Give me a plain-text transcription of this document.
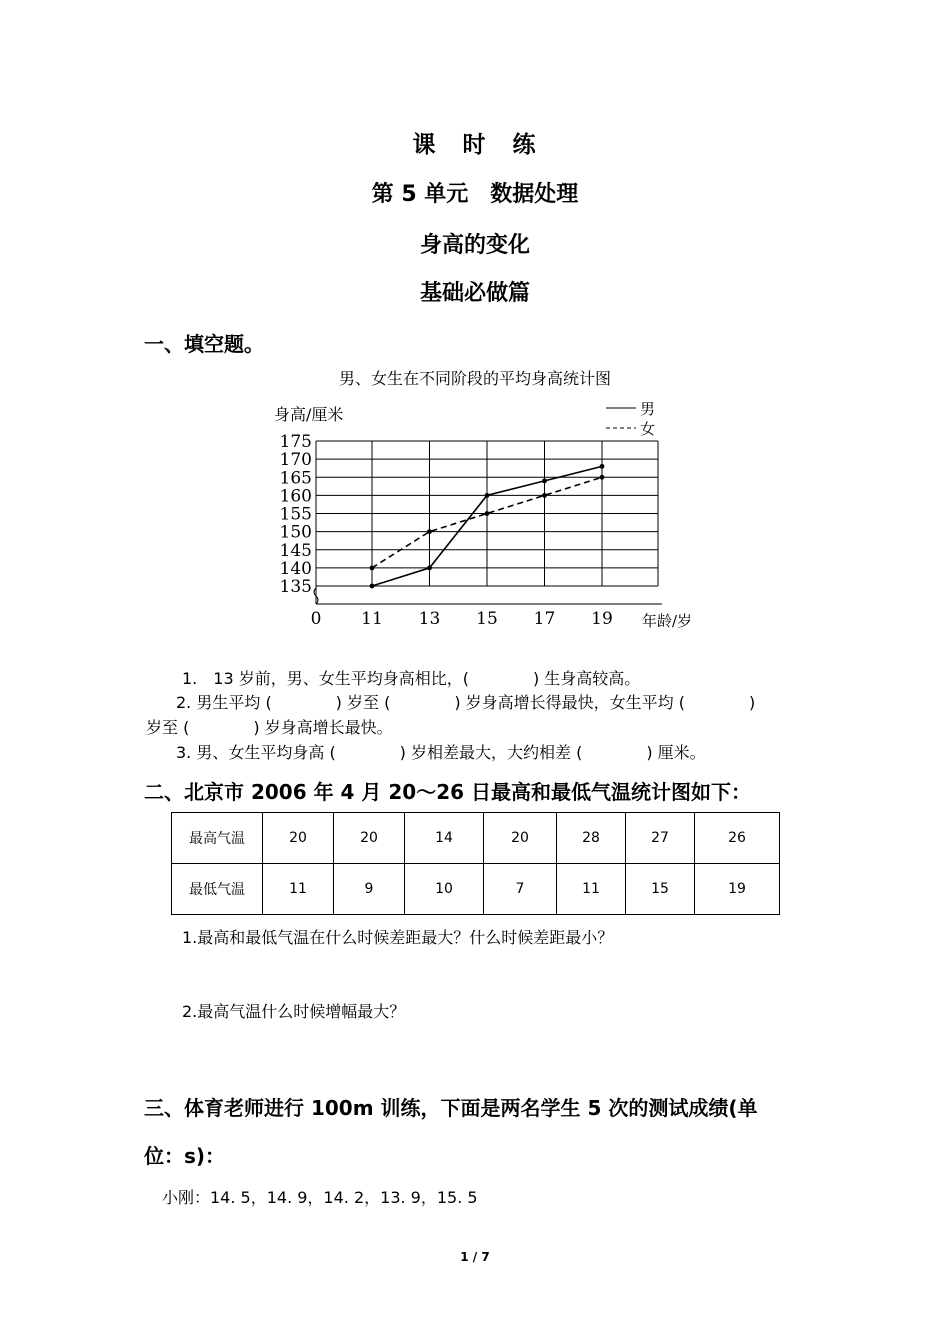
课　时　练
第 5 单元　数据处理
身高的变化
基础必做篇
一、填空题。
男、女生在不同阶段的平均身高统计图
135
140
145
150
155
160
165
170
175
0 11 13 15 17 19
身高/厘米
年龄/岁
男
女
1.　13 岁前，男、女生平均身高相比，(　　　　) 生身高较高。
2. 男生平均 (　　　　) 岁至 (　　　　) 岁身高增长得最快，女生平均 (　　　　)
岁至 (　　　　) 岁身高增长最快。
3. 男、女生平均身高 (　　　　) 岁相差最大，大约相差 (　　　　) 厘米。
二、北京市 2006 年 4 月 20～26 日最高和最低气温统计图如下：
最高气温	20	20	14	20	28	27	26
最低气温	11	9	10	7	11	15	19
1.最高和最低气温在什么时候差距最大？什么时候差距最小？
2.最高气温什么时候增幅最大？
三、体育老师进行 100m 训练，下面是两名学生 5 次的测试成绩(单
位：s)：
小刚：14. 5，14. 9，14. 2，13. 9，15. 5
1 / 7
